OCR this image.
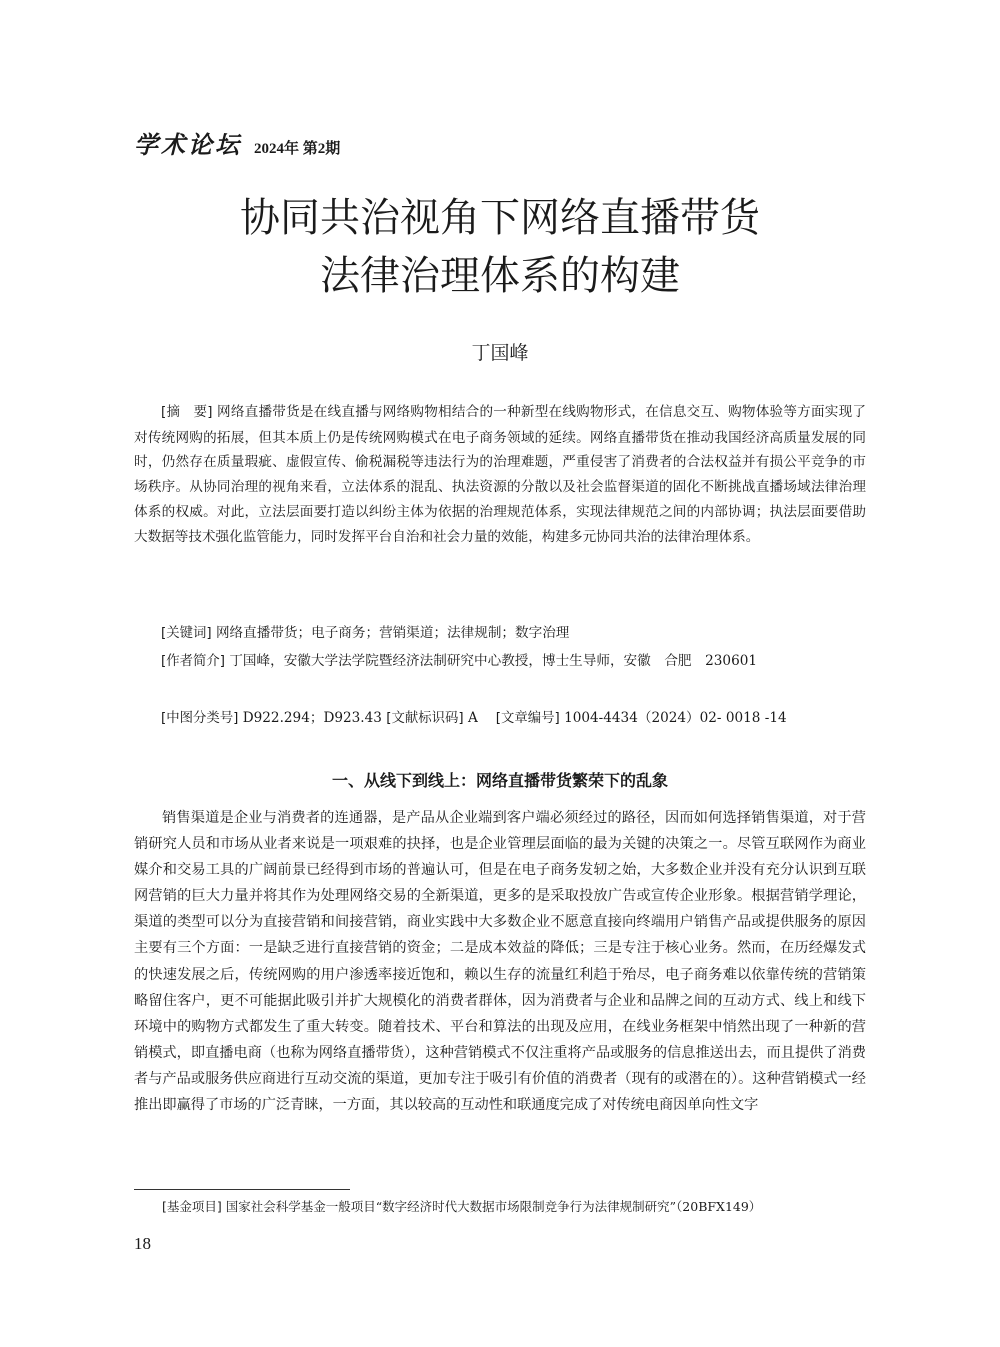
学术论坛 2024年 第2期
协同共治视角下网络直播带货
法律治理体系的构建
丁国峰

[摘　要] 网络直播带货是在线直播与网络购物相结合的一种新型在线购物形式，在信息交互、购物体验等方面实现了对传统网购的拓展，但其本质上仍是传统网购模式在电子商务领域的延续。网络直播带货在推动我国经济高质量发展的同时，仍然存在质量瑕疵、虚假宣传、偷税漏税等违法行为的治理难题，严重侵害了消费者的合法权益并有损公平竞争的市场秩序。从协同治理的视角来看，立法体系的混乱、执法资源的分散以及社会监督渠道的固化不断挑战直播场域法律治理体系的权威。对此，立法层面要打造以纠纷主体为依据的治理规范体系，实现法律规范之间的内部协调；执法层面要借助大数据等技术强化监管能力，同时发挥平台自治和社会力量的效能，构建多元协同共治的法律治理体系。

[关键词] 网络直播带货；电子商务；营销渠道；法律规制；数字治理

[作者简介] 丁国峰，安徽大学法学院暨经济法制研究中心教授，博士生导师，安徽　合肥　230601

[中图分类号] D922.294；D923.43 [文献标识码] A　 [文章编号] 1004-4434（2024）02- 0018 -14

一、从线下到线上：网络直播带货繁荣下的乱象

销售渠道是企业与消费者的连通器，是产品从企业端到客户端必须经过的路径，因而如何选择销售渠道，对于营销研究人员和市场从业者来说是一项艰难的抉择，也是企业管理层面临的最为关键的决策之一。尽管互联网作为商业媒介和交易工具的广阔前景已经得到市场的普遍认可，但是在电子商务发轫之始，大多数企业并没有充分认识到互联网营销的巨大力量并将其作为处理网络交易的全新渠道，更多的是采取投放广告或宣传企业形象。根据营销学理论，渠道的类型可以分为直接营销和间接营销，商业实践中大多数企业不愿意直接向终端用户销售产品或提供服务的原因主要有三个方面：一是缺乏进行直接营销的资金；二是成本效益的降低；三是专注于核心业务。然而，在历经爆发式的快速发展之后，传统网购的用户渗透率接近饱和，赖以生存的流量红利趋于殆尽，电子商务难以依靠传统的营销策略留住客户，更不可能据此吸引并扩大规模化的消费者群体，因为消费者与企业和品牌之间的互动方式、线上和线下环境中的购物方式都发生了重大转变。随着技术、平台和算法的出现及应用，在线业务框架中悄然出现了一种新的营销模式，即直播电商（也称为网络直播带货），这种营销模式不仅注重将产品或服务的信息推送出去，而且提供了消费者与产品或服务供应商进行互动交流的渠道，更加专注于吸引有价值的消费者（现有的或潜在的）。这种营销模式一经推出即赢得了市场的广泛青睐，一方面，其以较高的互动性和联通度完成了对传统电商因单向性文字

[基金项目] 国家社会科学基金一般项目“数字经济时代大数据市场限制竞争行为法律规制研究”（20BFX149）

18
